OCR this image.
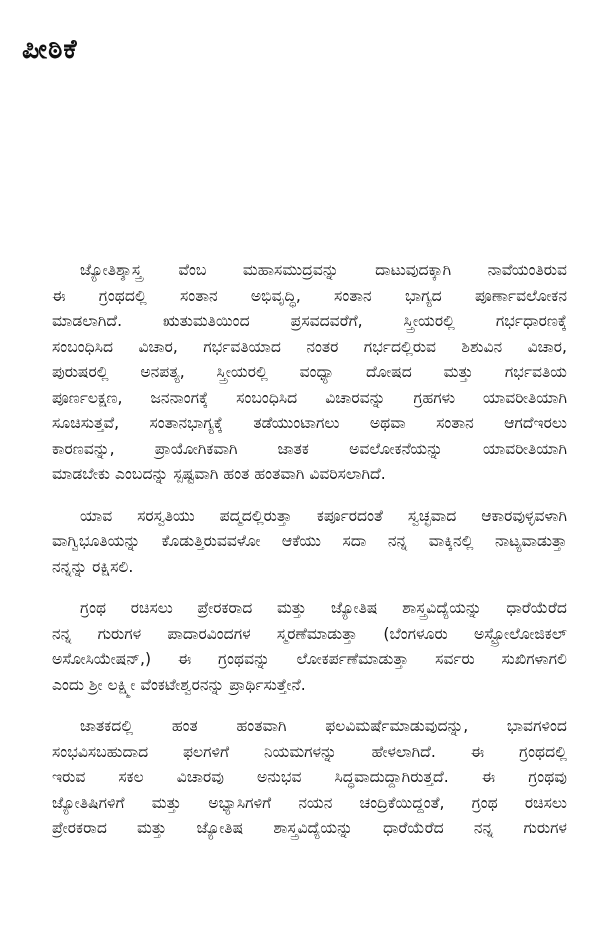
ಪೀಠಿಕೆ

ಜ್ಯೋತಿಶ್ಶಾಸ್ತ್ರ ವೆಂಬ ಮಹಾಸಮುದ್ರವನ್ನು ದಾಟುವುದಕ್ಕಾಗಿ ನಾವೆಯಂತಿರುವ
ಈ ಗ್ರಂಥದಲ್ಲಿ ಸಂತಾನ ಅಭಿವೃದ್ಧಿ, ಸಂತಾನ ಭಾಗ್ಯದ ಪೂರ್ಣಾವಲೋಕನ
ಮಾಡಲಾಗಿದೆ. ಋತುಮತಿಯಿಂದ ಪ್ರಸವದವರೆಗೆ, ಸ್ತ್ರೀಯರಲ್ಲಿ ಗರ್ಭಧಾರಣಕ್ಕೆ
ಸಂಬಂಧಿಸಿದ ವಿಚಾರ, ಗರ್ಭವತಿಯಾದ ನಂತರ ಗರ್ಭದಲ್ಲಿರುವ ಶಿಶುವಿನ ವಿಚಾರ,
ಪುರುಷರಲ್ಲಿ ಅನಪತ್ಯ, ಸ್ತ್ರೀಯರಲ್ಲಿ ವಂಧ್ಯಾ ದೋಷದ ಮತ್ತು ಗರ್ಭವತಿಯ
ಪೂರ್ಣಲಕ್ಷಣ, ಜನನಾಂಗಕ್ಕೆ ಸಂಬಂಧಿಸಿದ ವಿಚಾರವನ್ನು ಗ್ರಹಗಳು ಯಾವರೀತಿಯಾಗಿ
ಸೂಚಿಸುತ್ತವೆ, ಸಂತಾನಭಾಗ್ಯಕ್ಕೆ ತಡೆಯುಂಟಾಗಲು ಅಥವಾ ಸಂತಾನ ಆಗದೆಇರಲು
ಕಾರಣವನ್ನು, ಪ್ರಾಯೋಗಿಕವಾಗಿ ಜಾತಕ ಅವಲೋಕನೆಯನ್ನು ಯಾವರೀತಿಯಾಗಿ
ಮಾಡಬೇಕು ಎಂಬದನ್ನು ಸ್ಪಷ್ಟವಾಗಿ ಹಂತ ಹಂತವಾಗಿ ವಿವರಿಸಲಾಗಿದೆ.

ಯಾವ ಸರಸ್ವತಿಯು ಪದ್ಮದಲ್ಲಿರುತ್ತಾ ಕರ್ಪೂರದಂತೆ ಸ್ವಚ್ಛವಾದ ಆಕಾರವುಳ್ಳವಳಾಗಿ
ವಾಗ್ವಿಭೂತಿಯನ್ನು ಕೊಡುತ್ತಿರುವವಳೋ ಆಕೆಯು ಸದಾ ನನ್ನ ವಾಕ್ಕಿನಲ್ಲಿ ನಾಟ್ಯವಾಡುತ್ತಾ
ನನ್ನನ್ನು ರಕ್ಷಿಸಲಿ.

ಗ್ರಂಥ ರಚಿಸಲು ಪ್ರೇರಕರಾದ ಮತ್ತು ಜ್ಯೋತಿಷ ಶಾಸ್ತ್ರವಿದ್ಯೆಯನ್ನು ಧಾರೆಯೆರೆದ
ನನ್ನ ಗುರುಗಳ ಪಾದಾರವಿಂದಗಳ ಸ್ಮರಣೆಮಾಡುತ್ತಾ (ಬೆಂಗಳೂರು ಅಸ್ಟ್ರೋಲೋಜಿಕಲ್
ಅಸೋಸಿಯೇಷನ್,) ಈ ಗ್ರಂಥವನ್ನು ಲೋಕರ್ಪಣೆಮಾಡುತ್ತಾ ಸರ್ವರು ಸುಖಿಗಳಾಗಲಿ
ಎಂದು ಶ್ರೀ ಲಕ್ಷ್ಮೀ ವೆಂಕಟೇಶ್ವರನನ್ನು ಪ್ರಾರ್ಥಿಸುತ್ತೇನೆ.

ಜಾತಕದಲ್ಲಿ ಹಂತ ಹಂತವಾಗಿ ಫಲವಿಮರ್ಷೆಮಾಡುವುದನ್ನು, ಭಾವಗಳಿಂದ
ಸಂಭವಿಸಬಹುದಾದ ಫಲಗಳಿಗೆ ನಿಯಮಗಳನ್ನು ಹೇಳಲಾಗಿದೆ. ಈ ಗ್ರಂಥದಲ್ಲಿ
ಇರುವ ಸಕಲ ವಿಚಾರವು ಅನುಭವ ಸಿದ್ಧವಾದುದ್ದಾಗಿರುತ್ತದೆ. ಈ ಗ್ರಂಥವು
ಜ್ಯೋತಿಷಿಗಳಿಗೆ ಮತ್ತು ಅಭ್ಯಾಸಿಗಳಿಗೆ ನಯನ ಚಂದ್ರಿಕೆಯಿದ್ದಂತೆ, ಗ್ರಂಥ ರಚಿಸಲು
ಪ್ರೇರಕರಾದ ಮತ್ತು ಜ್ಯೋತಿಷ ಶಾಸ್ತ್ರವಿದ್ಯೆಯನ್ನು ಧಾರೆಯೆರೆದ ನನ್ನ ಗುರುಗಳ
